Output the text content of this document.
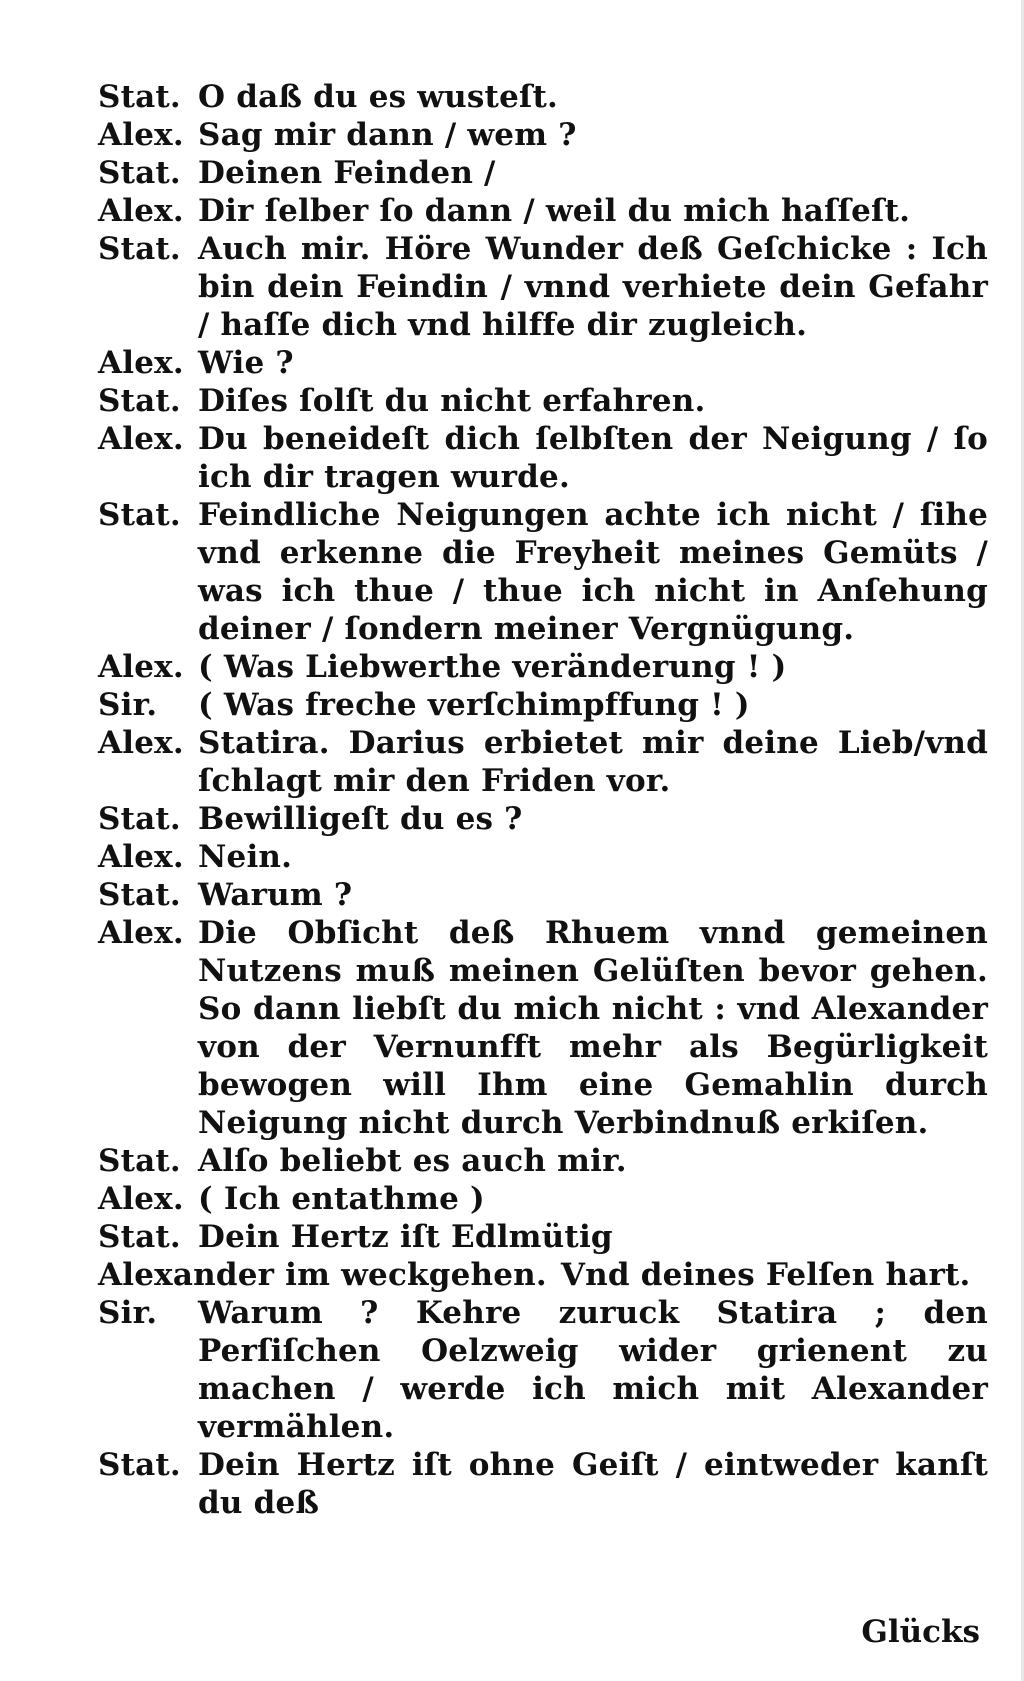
Stat. O daß du es wusteſt.
Alex. Sag mir dann / wem ?
Stat. Deinen Feinden /
Alex. Dir ſelber ſo dann / weil du mich haſſeſt.
Stat. Auch mir. Höre Wunder deß Geſchicke : Ich bin dein Feindin / vnnd verhiete dein Gefahr / haſſe dich vnd hilffe dir zugleich.
Alex. Wie ?
Stat. Diſes ſolſt du nicht erfahren.
Alex. Du beneideſt dich ſelbſten der Neigung / ſo ich dir tragen wurde.
Stat. Feindliche Neigungen achte ich nicht / ſihe vnd erkenne die Freyheit meines Gemüts / was ich thue / thue ich nicht in Anſehung deiner / ſondern meiner Vergnügung.
Alex. ( Was Liebwerthe veränderung ! )
Sir.	( Was freche verſchimpffung ! )
Alex. Statira. Darius erbietet mir deine Lieb/vnd ſchlagt mir den Friden vor.
Stat. Bewilligeſt du es ?
Alex. Nein.
Stat. Warum ?
Alex. Die Obſicht deß Rhuem vnnd gemeinen Nutzens muß meinen Gelüſten bevor gehen. So dann liebſt du mich nicht : vnd Alexander von der Vernunfft mehr als Begürligkeit bewogen will Ihm eine Gemahlin durch Neigung nicht durch Verbindnuß erkiſen.
Stat. Alſo beliebt es auch mir.
Alex. ( Ich entathme )
Stat. Dein Hertz iſt Edlmütig
Alexander im weckgehen. Vnd deines Felſen hart.
Sir.	Warum ? Kehre zuruck Statira ; den Perſiſchen Oelzweig wider grienent zu machen / werde ich mich mit Alexander vermählen.
Stat. Dein Hertz iſt ohne Geiſt / eintweder kanſt du deß
Glücks
